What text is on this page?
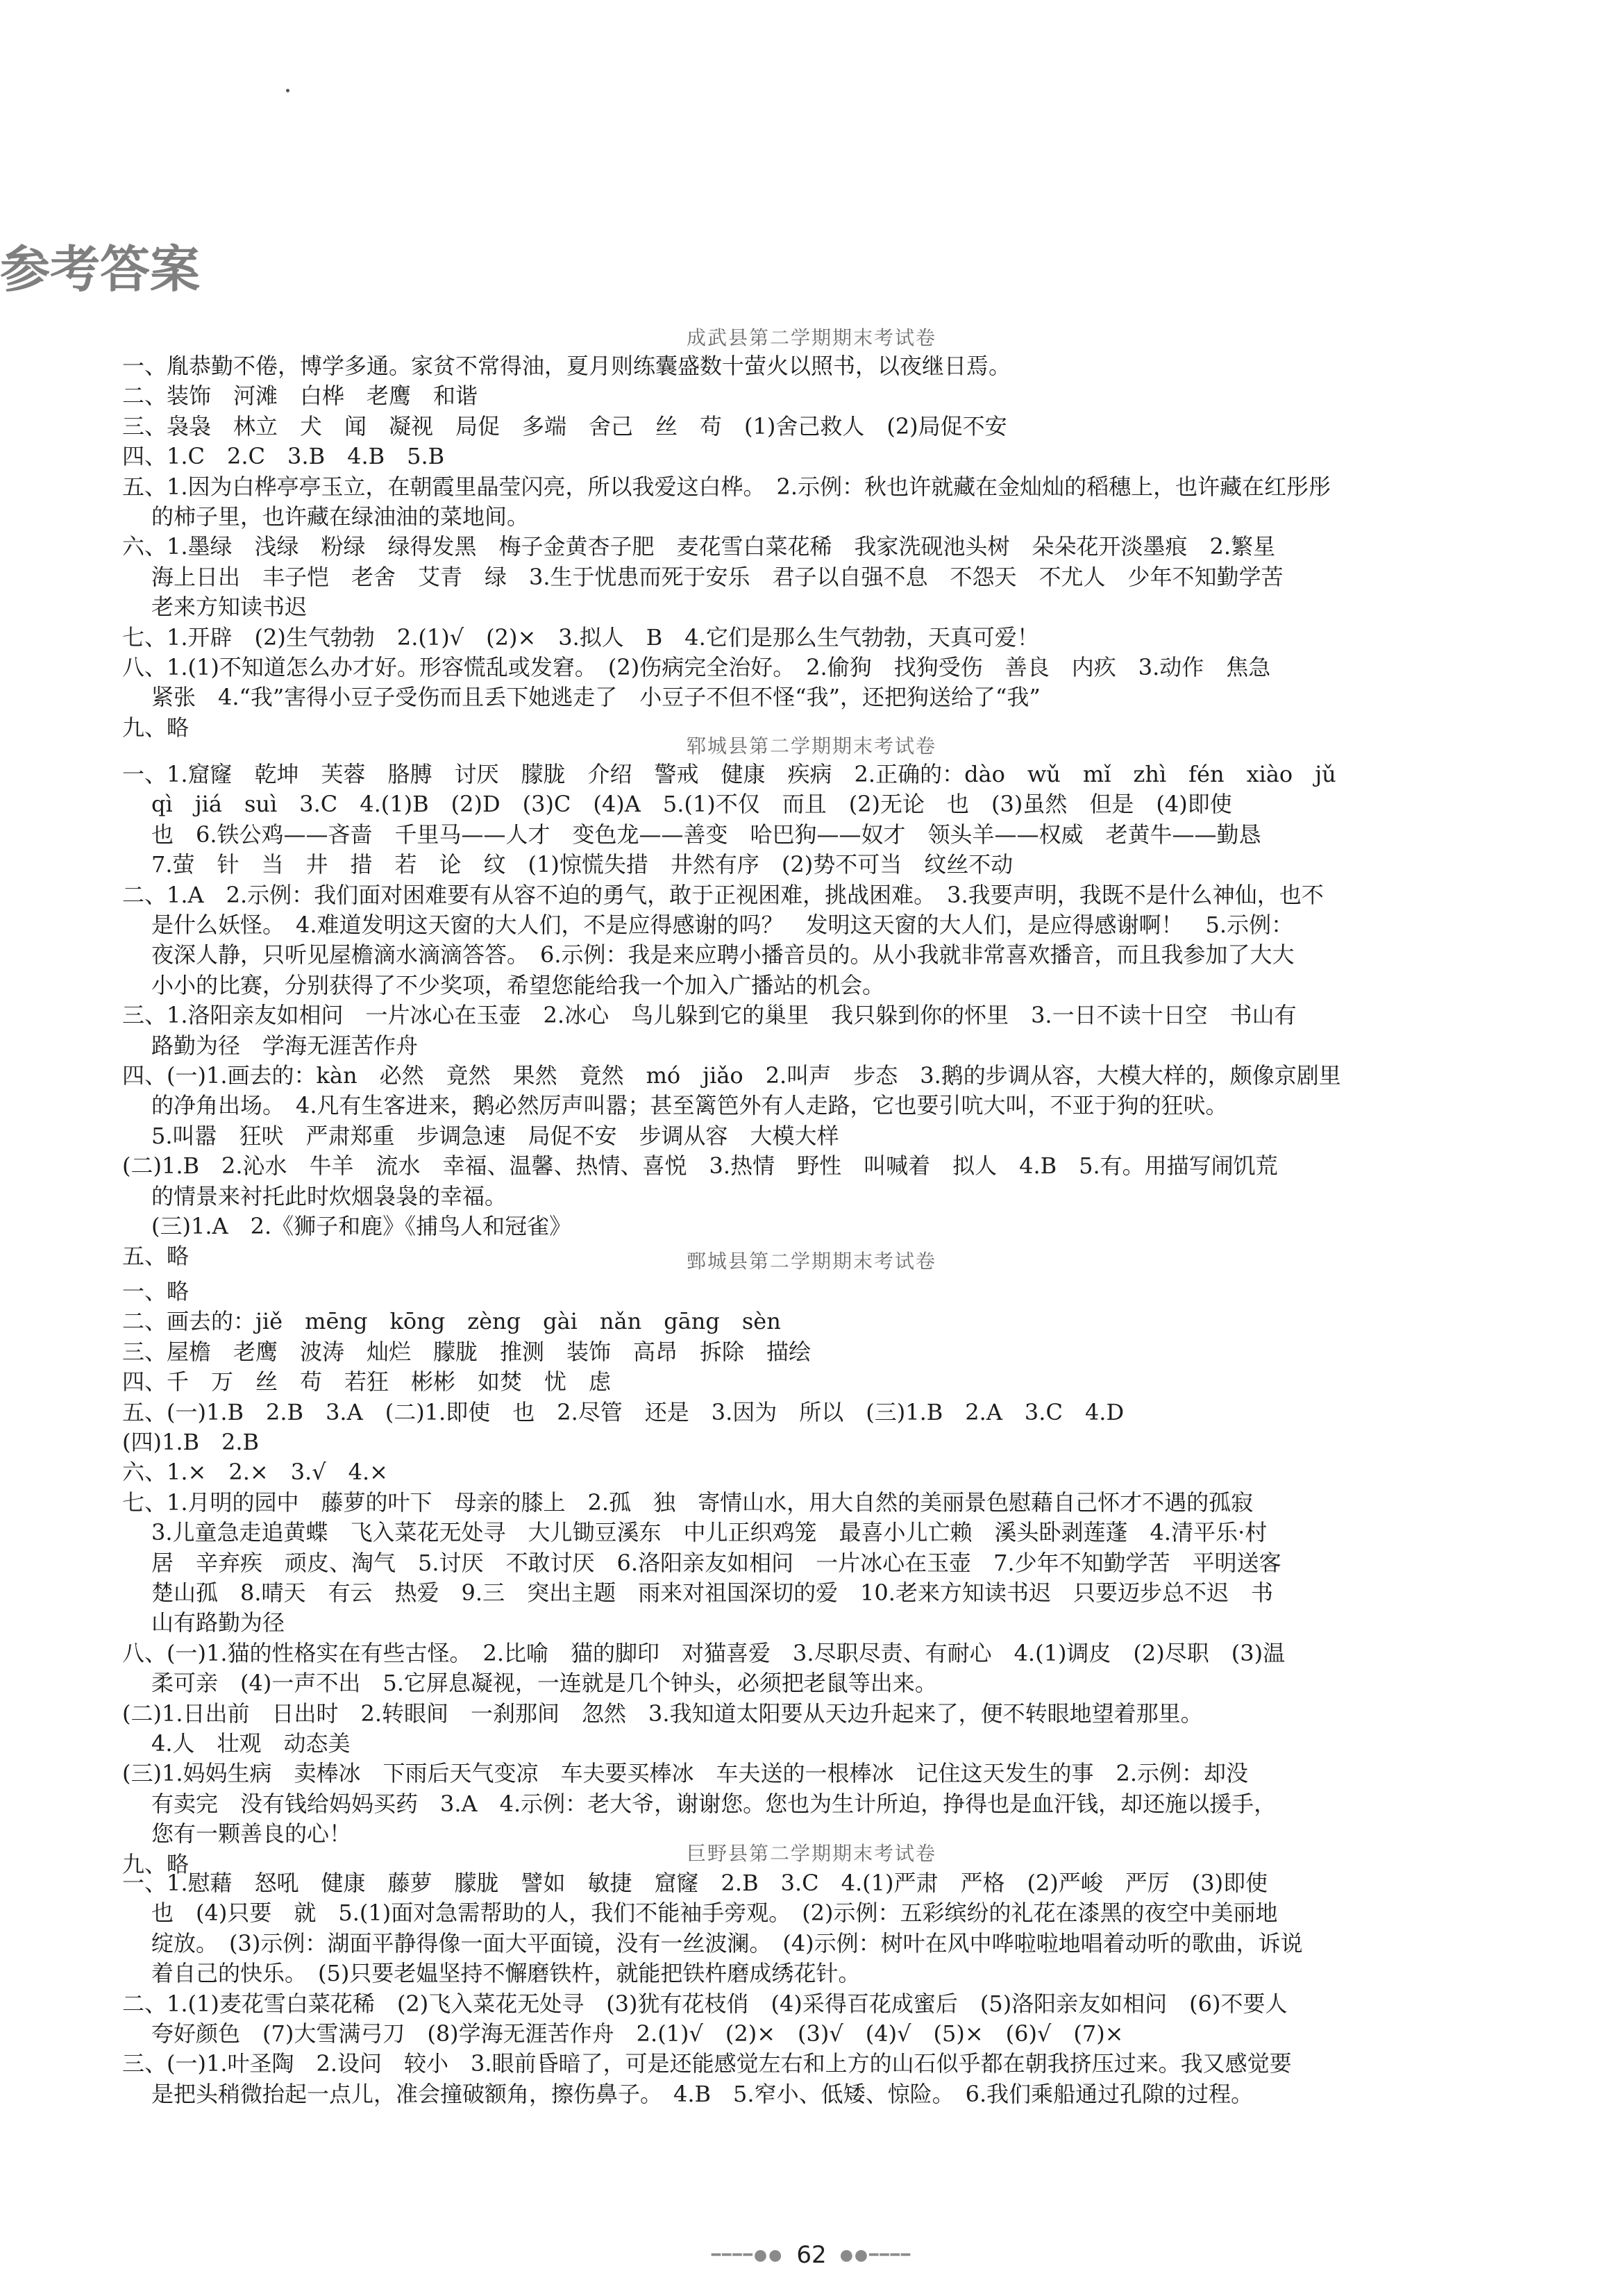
参考答案
成武县第二学期期末考试卷
一、胤恭勤不倦，博学多通。家贫不常得油，夏月则练囊盛数十萤火以照书，以夜继日焉。
二、装饰　河滩　白桦　老鹰　和谐
三、袅袅　林立　犬　闻　凝视　局促　多端　舍己　丝　苟　(1)舍己救人　(2)局促不安
四、1.C　2.C　3.B　4.B　5.B
五、1.因为白桦亭亭玉立，在朝霞里晶莹闪亮，所以我爱这白桦。　2.示例：秋也许就藏在金灿灿的稻穗上，也许藏在红彤彤
的柿子里，也许藏在绿油油的菜地间。
六、1.墨绿　浅绿　粉绿　绿得发黑　梅子金黄杏子肥　麦花雪白菜花稀　我家洗砚池头树　朵朵花开淡墨痕　2.繁星
海上日出　丰子恺　老舍　艾青　绿　3.生于忧患而死于安乐　君子以自强不息　不怨天　不尤人　少年不知勤学苦
老来方知读书迟
七、1.开辟　(2)生气勃勃　2.(1)√　(2)×　3.拟人　B　4.它们是那么生气勃勃，天真可爱！
八、1.(1)不知道怎么办才好。形容慌乱或发窘。　(2)伤病完全治好。　2.偷狗　找狗受伤　善良　内疚　3.动作　焦急
紧张　4.“我”害得小豆子受伤而且丢下她逃走了　小豆子不但不怪“我”，还把狗送给了“我”
九、略
郓城县第二学期期末考试卷
一、1.窟窿　乾坤　芙蓉　胳膊　讨厌　朦胧　介绍　警戒　健康　疾病　2.正确的：dào　wǔ　mǐ　zhì　fén　xiào　jǔ
qì　jiá　suì　3.C　4.(1)B　(2)D　(3)C　(4)A　5.(1)不仅　而且　(2)无论　也　(3)虽然　但是　(4)即使
也　6.铁公鸡——吝啬　千里马——人才　变色龙——善变　哈巴狗——奴才　领头羊——权威　老黄牛——勤恳
7.萤　针　当　井　措　若　论　纹　(1)惊慌失措　井然有序　(2)势不可当　纹丝不动
二、1.A　2.示例：我们面对困难要有从容不迫的勇气，敢于正视困难，挑战困难。　3.我要声明，我既不是什么神仙，也不
是什么妖怪。　4.难道发明这天窗的大人们，不是应得感谢的吗？　发明这天窗的大人们，是应得感谢啊！　5.示例：
夜深人静，只听见屋檐滴水滴滴答答。　6.示例：我是来应聘小播音员的。从小我就非常喜欢播音，而且我参加了大大
小小的比赛，分别获得了不少奖项，希望您能给我一个加入广播站的机会。
三、1.洛阳亲友如相问　一片冰心在玉壶　2.冰心　鸟儿躲到它的巢里　我只躲到你的怀里　3.一日不读十日空　书山有
路勤为径　学海无涯苦作舟
四、(一)1.画去的：kàn　必然　竟然　果然　竟然　mó　jiǎo　2.叫声　步态　3.鹅的步调从容，大模大样的，颇像京剧里
的净角出场。　4.凡有生客进来，鹅必然厉声叫嚣；甚至篱笆外有人走路，它也要引吭大叫，不亚于狗的狂吠。
5.叫嚣　狂吠　严肃郑重　步调急速　局促不安　步调从容　大模大样
(二)1.B　2.沁水　牛羊　流水　幸福、温馨、热情、喜悦　3.热情　野性　叫喊着　拟人　4.B　5.有。用描写闹饥荒
的情景来衬托此时炊烟袅袅的幸福。
(三)1.A　2.《狮子和鹿》《捕鸟人和冠雀》
五、略	鄄城县第二学期期末考试卷
一、略
二、画去的：jiě　mēng　kōng　zèng　gài　nǎn　gāng　sèn
三、屋檐　老鹰　波涛　灿烂　朦胧　推测　装饰　高昂　拆除　描绘
四、千　万　丝　苟　若狂　彬彬　如焚　忧　虑
五、(一)1.B　2.B　3.A　(二)1.即使　也　2.尽管　还是　3.因为　所以　(三)1.B　2.A　3.C　4.D
(四)1.B　2.B
六、1.×　2.×　3.√　4.×
七、1.月明的园中　藤萝的叶下　母亲的膝上　2.孤　独　寄情山水，用大自然的美丽景色慰藉自己怀才不遇的孤寂
3.儿童急走追黄蝶　飞入菜花无处寻　大儿锄豆溪东　中儿正织鸡笼　最喜小儿亡赖　溪头卧剥莲蓬　4.清平乐·村
居　辛弃疾　顽皮、淘气　5.讨厌　不敢讨厌　6.洛阳亲友如相问　一片冰心在玉壶　7.少年不知勤学苦　平明送客
楚山孤　8.晴天　有云　热爱　9.三　突出主题　雨来对祖国深切的爱　10.老来方知读书迟　只要迈步总不迟　书
山有路勤为径
八、(一)1.猫的性格实在有些古怪。　2.比喻　猫的脚印　对猫喜爱　3.尽职尽责、有耐心　4.(1)调皮　(2)尽职　(3)温
柔可亲　(4)一声不出　5.它屏息凝视，一连就是几个钟头，必须把老鼠等出来。
(二)1.日出前　日出时　2.转眼间　一刹那间　忽然　3.我知道太阳要从天边升起来了，便不转眼地望着那里。
4.人　壮观　动态美
(三)1.妈妈生病　卖棒冰　下雨后天气变凉　车夫要买棒冰　车夫送的一根棒冰　记住这天发生的事　2.示例：却没
有卖完　没有钱给妈妈买药　3.A　4.示例：老大爷，谢谢您。您也为生计所迫，挣得也是血汗钱，却还施以援手，
您有一颗善良的心！
九、略	巨野县第二学期期末考试卷
一、1.慰藉　怒吼　健康　藤萝　朦胧　譬如　敏捷　窟窿　2.B　3.C　4.(1)严肃　严格　(2)严峻　严厉　(3)即使
也　(4)只要　就　5.(1)面对急需帮助的人，我们不能袖手旁观。　(2)示例：五彩缤纷的礼花在漆黑的夜空中美丽地
绽放。　(3)示例：湖面平静得像一面大平面镜，没有一丝波澜。　(4)示例：树叶在风中哗啦啦地唱着动听的歌曲，诉说
着自己的快乐。　(5)只要老媪坚持不懈磨铁杵，就能把铁杵磨成绣花针。
二、1.(1)麦花雪白菜花稀　(2)飞入菜花无处寻　(3)犹有花枝俏　(4)采得百花成蜜后　(5)洛阳亲友如相问　(6)不要人
夸好颜色　(7)大雪满弓刀　(8)学海无涯苦作舟　2.(1)√　(2)×　(3)√　(4)√　(5)×　(6)√　(7)×
三、(一)1.叶圣陶　2.设问　较小　3.眼前昏暗了，可是还能感觉左右和上方的山石似乎都在朝我挤压过来。我又感觉要
是把头稍微抬起一点儿，准会撞破额角，擦伤鼻子。　4.B　5.窄小、低矮、惊险。　6.我们乘船通过孔隙的过程。
━━━━●● 62 ●●━━━━
